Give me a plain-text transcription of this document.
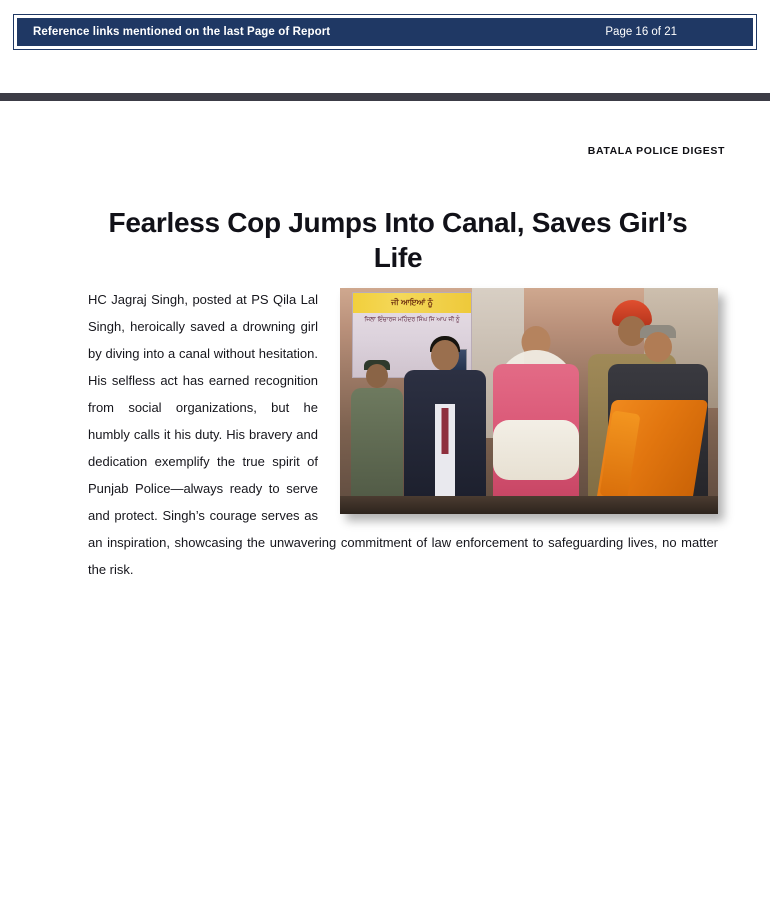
Reference links mentioned on the last Page of Report	Page 16 of 21
BATALA POLICE DIGEST
Fearless Cop Jumps Into Canal, Saves Girl’s Life
ਜੀ ਆਇਆਂ ਨੂੰ
ਜਿਲਾ ਇੰਚਾਰਜ ਮਹਿੰਦਰ ਸਿੰਘ ਜਿ ਆਪ ਜੀ ਨੂੰ

HC Jagraj Singh, posted at PS Qila Lal Singh, heroically saved a drowning girl by diving into a canal without hesitation. His selfless act has earned recognition from social organizations, but he humbly calls it his duty. His bravery and dedication exemplify the true spirit of Punjab Police—always ready to serve and protect. Singh’s courage serves as an inspiration, showcasing the unwavering commitment of law enforcement to safeguarding lives, no matter the risk.
